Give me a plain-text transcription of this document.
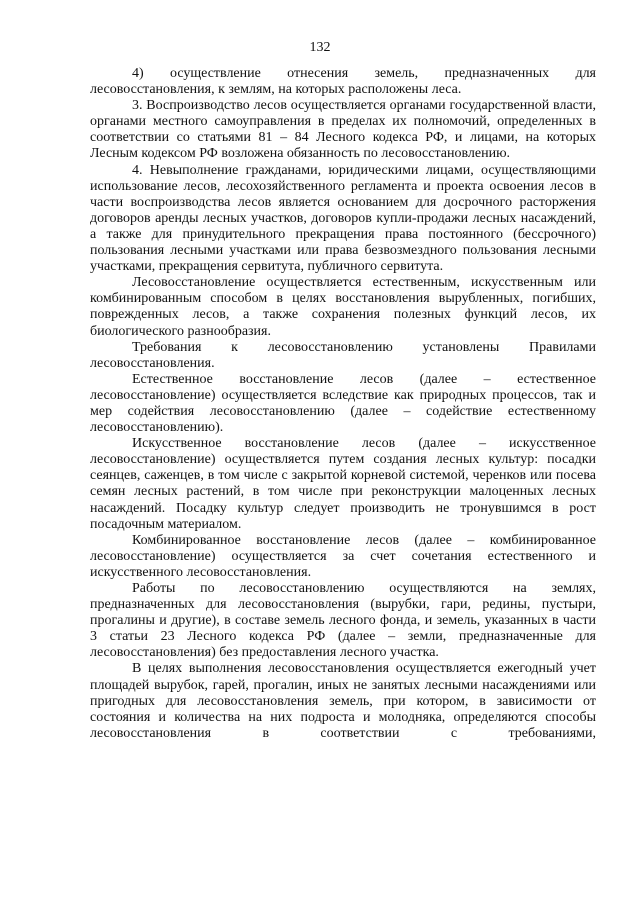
132

4) осуществление отнесения земель, предназначенных для лесовосстановления, к землям, на которых расположены леса.

3. Воспроизводство лесов осуществляется органами государственной власти, органами местного самоуправления в пределах их полномочий, определенных в соответствии со статьями 81 – 84 Лесного кодекса РФ, и лицами, на которых Лесным кодексом РФ возложена обязанность по лесовосстановлению.

4. Невыполнение гражданами, юридическими лицами, осуществляющими использование лесов, лесохозяйственного регламента и проекта освоения лесов в части воспроизводства лесов является основанием для досрочного расторжения договоров аренды лесных участков, договоров купли-продажи лесных насаждений, а также для принудительного прекращения права постоянного (бессрочного) пользования лесными участками или права безвозмездного пользования лесными участками, прекращения сервитута, публичного сервитута.

Лесовосстановление осуществляется естественным, искусственным или комбинированным способом в целях восстановления вырубленных, погибших, поврежденных лесов, а также сохранения полезных функций лесов, их биологического разнообразия.

Требования к лесовосстановлению установлены Правилами лесовосстановления.

Естественное восстановление лесов (далее – естественное лесовосстановление) осуществляется вследствие как природных процессов, так и мер содействия лесовосстановлению (далее – содействие естественному лесовосстановлению).

Искусственное восстановление лесов (далее – искусственное лесовосстановление) осуществляется путем создания лесных культур: посадки сеянцев, саженцев, в том числе с закрытой корневой системой, черенков или посева семян лесных растений, в том числе при реконструкции малоценных лесных насаждений. Посадку культур следует производить не тронувшимся в рост посадочным материалом.

Комбинированное восстановление лесов (далее – комбинированное лесовосстановление) осуществляется за счет сочетания естественного и искусственного лесовосстановления.

Работы по лесовосстановлению осуществляются на землях, предназначенных для лесовосстановления (вырубки, гари, редины, пустыри, прогалины и другие), в составе земель лесного фонда, и земель, указанных в части 3 статьи 23 Лесного кодекса РФ (далее – земли, предназначенные для лесовосстановления) без предоставления лесного участка.

В целях выполнения лесовосстановления осуществляется ежегодный учет площадей вырубок, гарей, прогалин, иных не занятых лесными насаждениями или пригодных для лесовосстановления земель, при котором, в зависимости от состояния и количества на них подроста и молодняка, определяются способы лесовосстановления в соответствии с требованиями,
